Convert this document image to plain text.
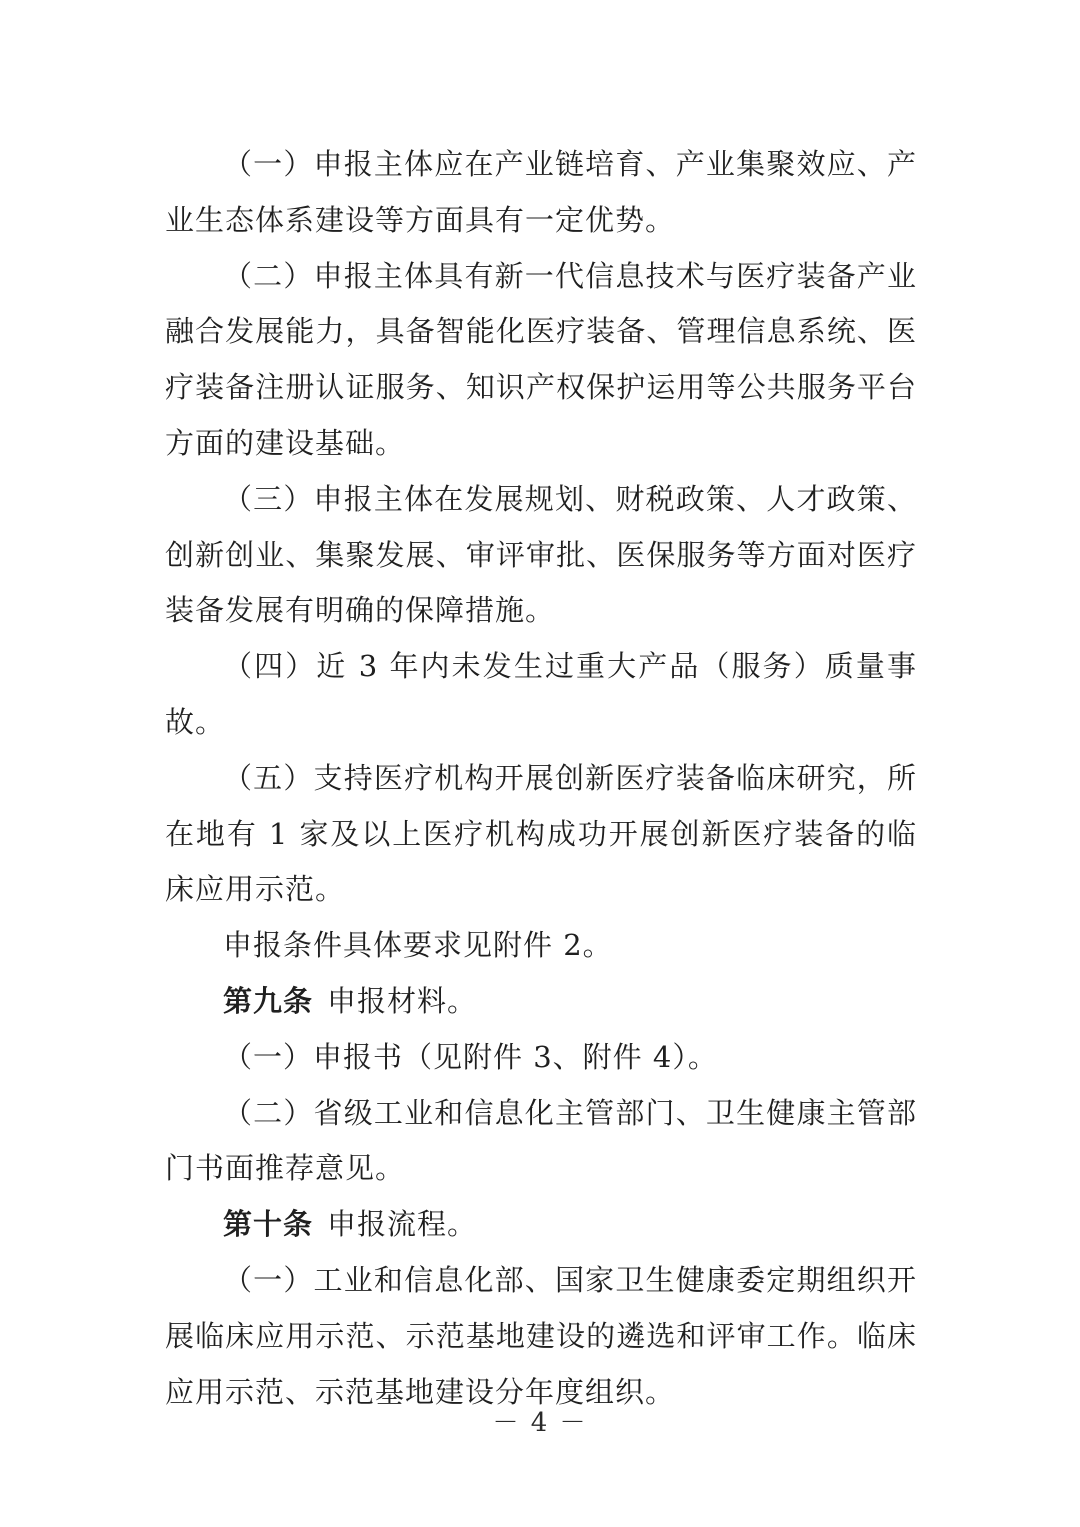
（一）申报主体应在产业链培育、产业集聚效应、产业生态体系建设等方面具有一定优势。

（二）申报主体具有新一代信息技术与医疗装备产业融合发展能力，具备智能化医疗装备、管理信息系统、医疗装备注册认证服务、知识产权保护运用等公共服务平台方面的建设基础。

（三）申报主体在发展规划、财税政策、人才政策、创新创业、集聚发展、审评审批、医保服务等方面对医疗装备发展有明确的保障措施。

（四）近 3 年内未发生过重大产品（服务）质量事故。

（五）支持医疗机构开展创新医疗装备临床研究，所在地有 1 家及以上医疗机构成功开展创新医疗装备的临床应用示范。

申报条件具体要求见附件 2。

第九条 申报材料。

（一）申报书（见附件 3、附件 4）。

（二）省级工业和信息化主管部门、卫生健康主管部门书面推荐意见。

第十条 申报流程。

（一）工业和信息化部、国家卫生健康委定期组织开展临床应用示范、示范基地建设的遴选和评审工作。临床应用示范、示范基地建设分年度组织。

－ 4 －
